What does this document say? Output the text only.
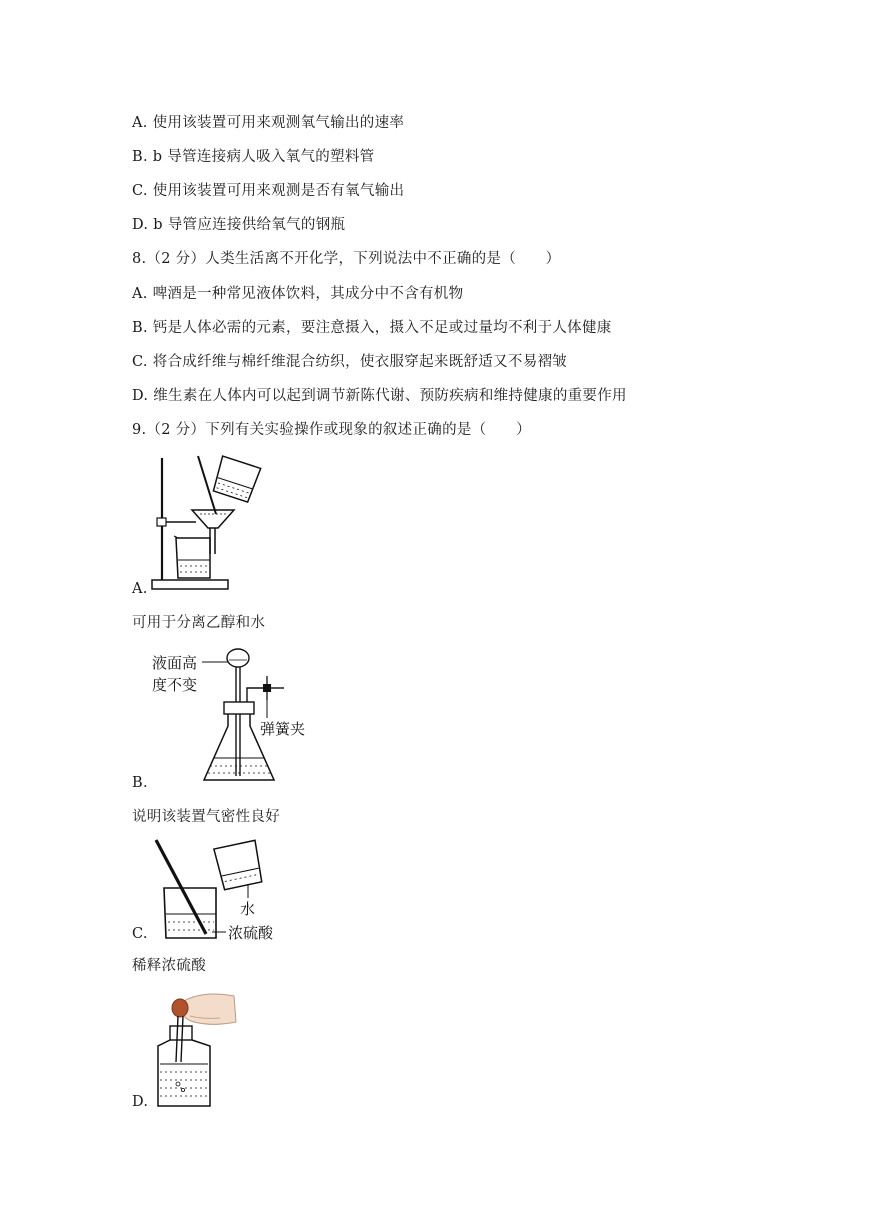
A. 使用该装置可用来观测氧气输出的速率
B. b 导管连接病人吸入氧气的塑料管
C. 使用该装置可用来观测是否有氧气输出
D. b 导管应连接供给氧气的钢瓶
8.（2 分）人类生活离不开化学，下列说法中不正确的是（　　）
A. 啤酒是一种常见液体饮料，其成分中不含有机物
B. 钙是人体必需的元素，要注意摄入，摄入不足或过量均不利于人体健康
C. 将合成纤维与棉纤维混合纺织，使衣服穿起来既舒适又不易褶皱
D. 维生素在人体内可以起到调节新陈代谢、预防疾病和维持健康的重要作用
9.（2 分）下列有关实验操作或现象的叙述正确的是（　　）
A.
可用于分离乙醇和水
液面高
度不变
弹簧夹
B.
说明该装置气密性良好
水
浓硫酸
C.
稀释浓硫酸
D.
